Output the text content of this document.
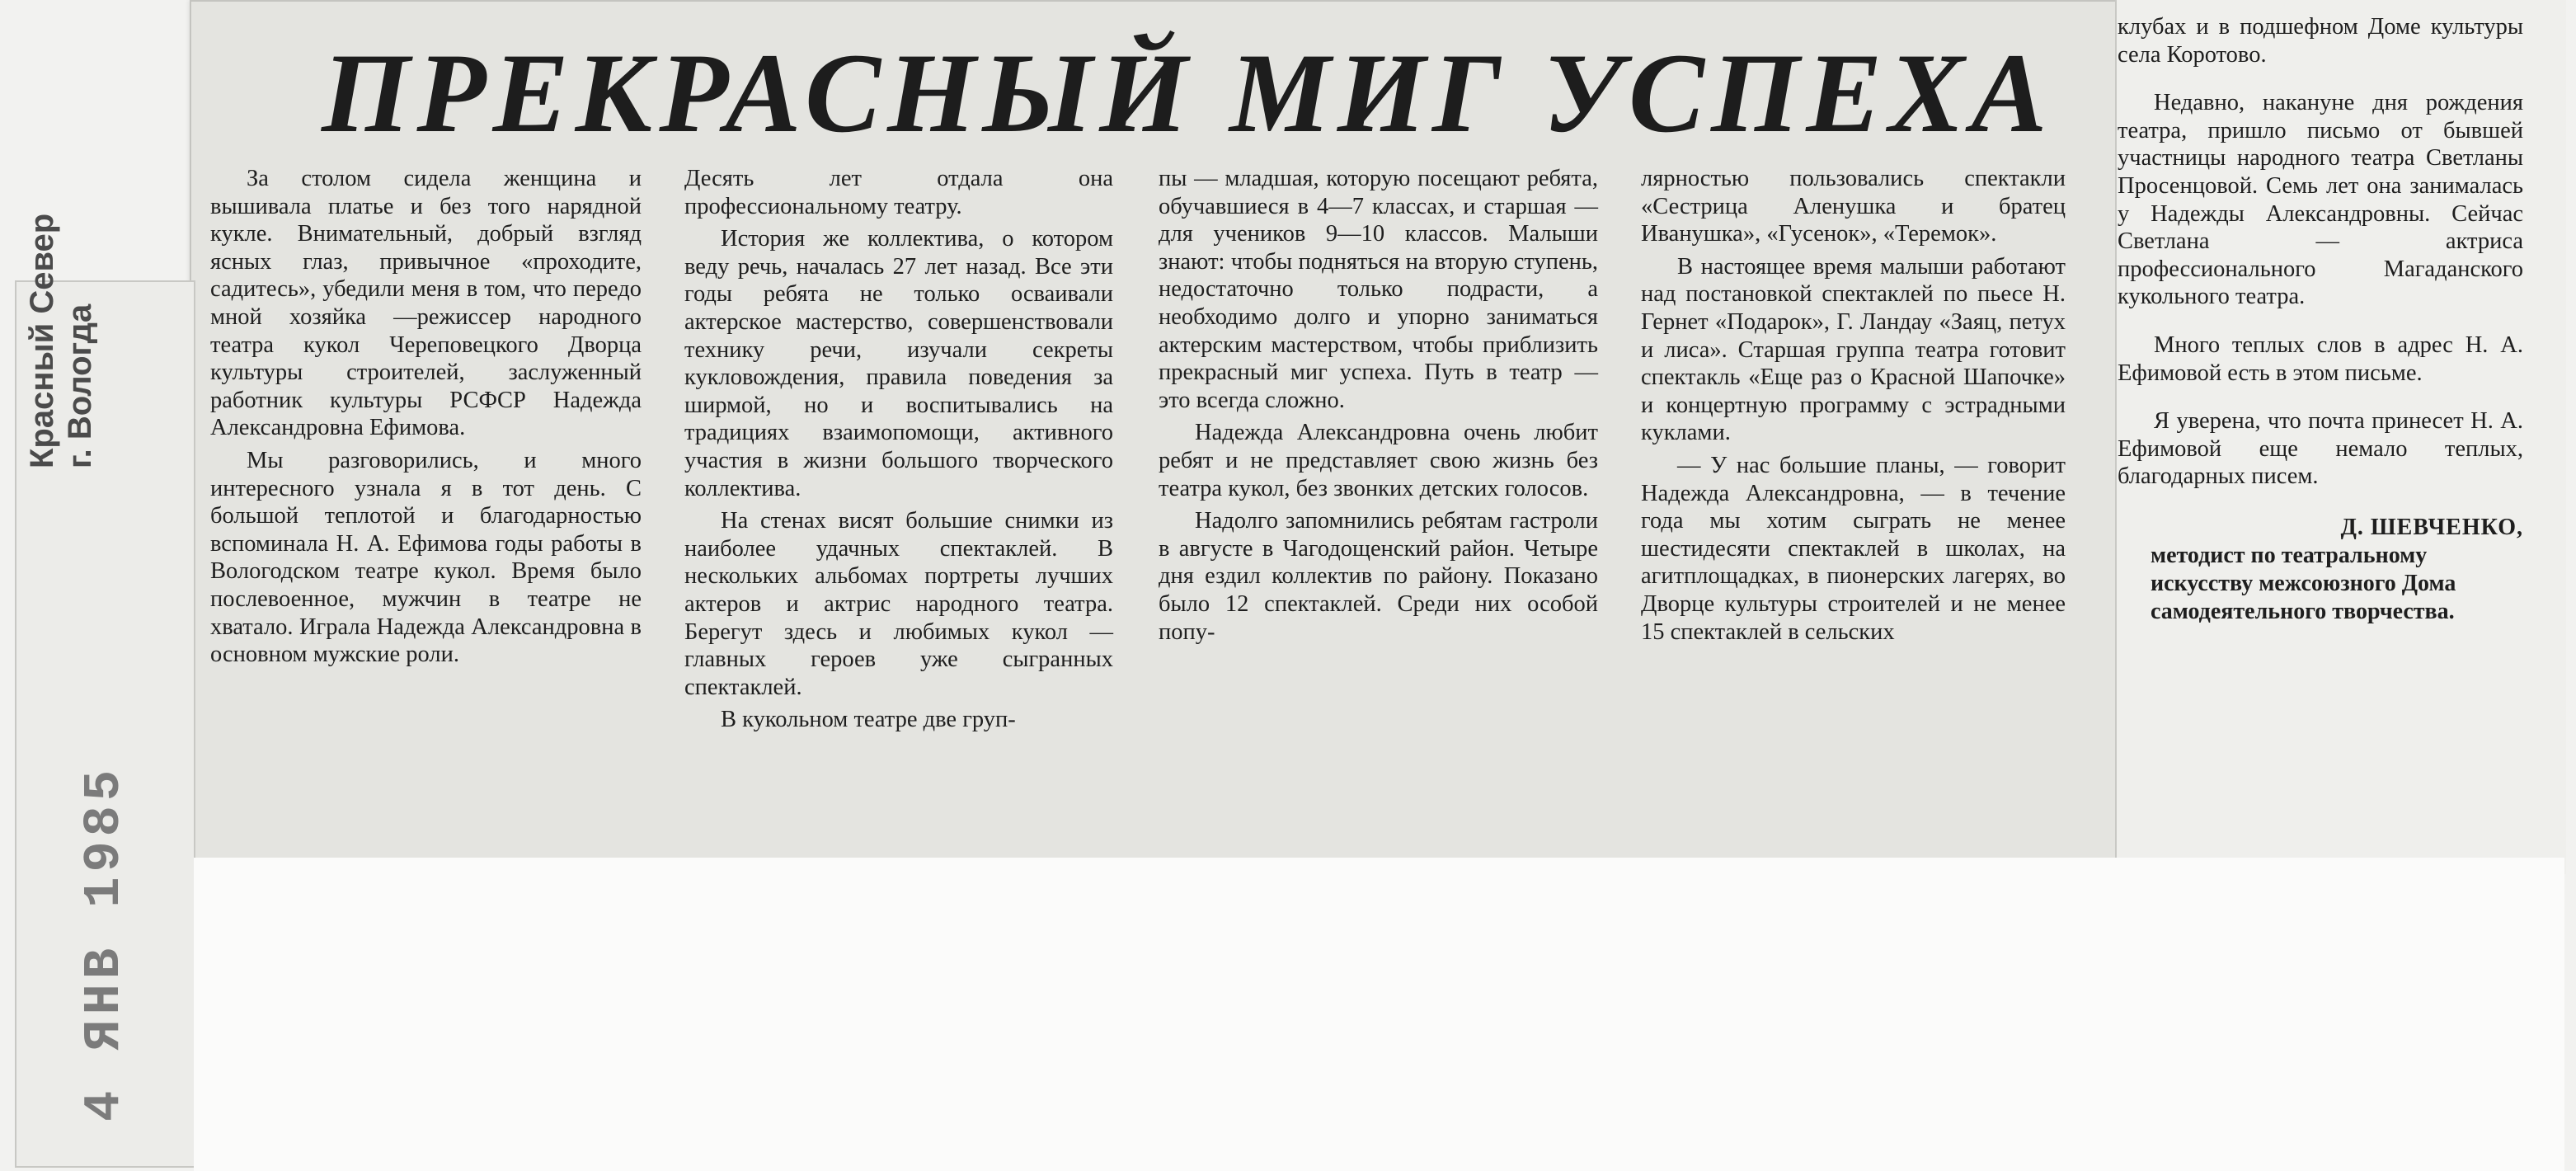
ПРЕКРАСНЫЙ МИГ УСПЕХА
Красный Север г. Вологда
4 ЯНВ 1985

За столом сидела женщина и вышивала платье и без того нарядной кукле. Внимательный, добрый взгляд ясных глаз, привычное «проходите, садитесь», убедили меня в том, что передо мной хозяйка —режиссер народного театра кукол Череповецкого Дворца культуры строителей, заслуженный работник культуры РСФСР Надежда Александровна Ефимова.

Мы разговорились, и много интересного узнала я в тот день. С большой теплотой и благодарностью вспоминала Н. А. Ефимова годы работы в Вологодском театре кукол. Время было послевоенное, мужчин в театре не хватало. Играла Надежда Александровна в основном мужские роли.

Десять лет отдала она профессиональному театру.

История же коллектива, о котором веду речь, началась 27 лет назад. Все эти годы ребята не только осваивали актерское мастерство, совершенствовали технику речи, изучали секреты кукловождения, правила поведения за ширмой, но и воспитывались на традициях взаимопомощи, активного участия в жизни большого творческого коллектива.

На стенах висят большие снимки из наиболее удачных спектаклей. В нескольких альбомах портреты лучших актеров и актрис народного театра. Берегут здесь и любимых кукол — главных героев уже сыгранных спектаклей.

В кукольном театре две груп-

пы — младшая, которую посещают ребята, обучавшиеся в 4—7 классах, и старшая — для учеников 9—10 классов. Малыши знают: чтобы подняться на вторую ступень, недостаточно только подрасти, а необходимо долго и упорно заниматься актерским мастерством, чтобы приблизить прекрасный миг успеха. Путь в театр — это всегда сложно.

Надежда Александровна очень любит ребят и не представляет свою жизнь без театра кукол, без звонких детских голосов.

Надолго запомнились ребятам гастроли в августе в Чагодощенский район. Четыре дня ездил коллектив по району. Показано было 12 спектаклей. Среди них особой попу-

лярностью пользовались спектакли «Сестрица Аленушка и братец Иванушка», «Гусенок», «Теремок».

В настоящее время малыши работают над постановкой спектаклей по пьесе Н. Гернет «Подарок», Г. Ландау «Заяц, петух и лиса». Старшая группа театра готовит спектакль «Еще раз о Красной Шапочке» и концертную программу с эстрадными куклами.

— У нас большие планы, — говорит Надежда Александровна, — в течение года мы хотим сыграть не менее шестидесяти спектаклей в школах, на агитплощадках, в пионерских лагерях, во Дворце культуры строителей и не менее 15 спектаклей в сельских

клубах и в подшефном Доме культуры села Коротово.

Недавно, накануне дня рождения театра, пришло письмо от бывшей участницы народного театра Светланы Просенцовой. Семь лет она занималась у Надежды Александровны. Сейчас Светлана — актриса профессионального Магаданского кукольного театра.

Много теплых слов в адрес Н. А. Ефимовой есть в этом письме.

Я уверена, что почта принесет Н. А. Ефимовой еще немало теплых, благодарных писем.

Д. ШЕВЧЕНКО,
методист по театральному искусству межсоюзного Дома самодеятельного творчества.
